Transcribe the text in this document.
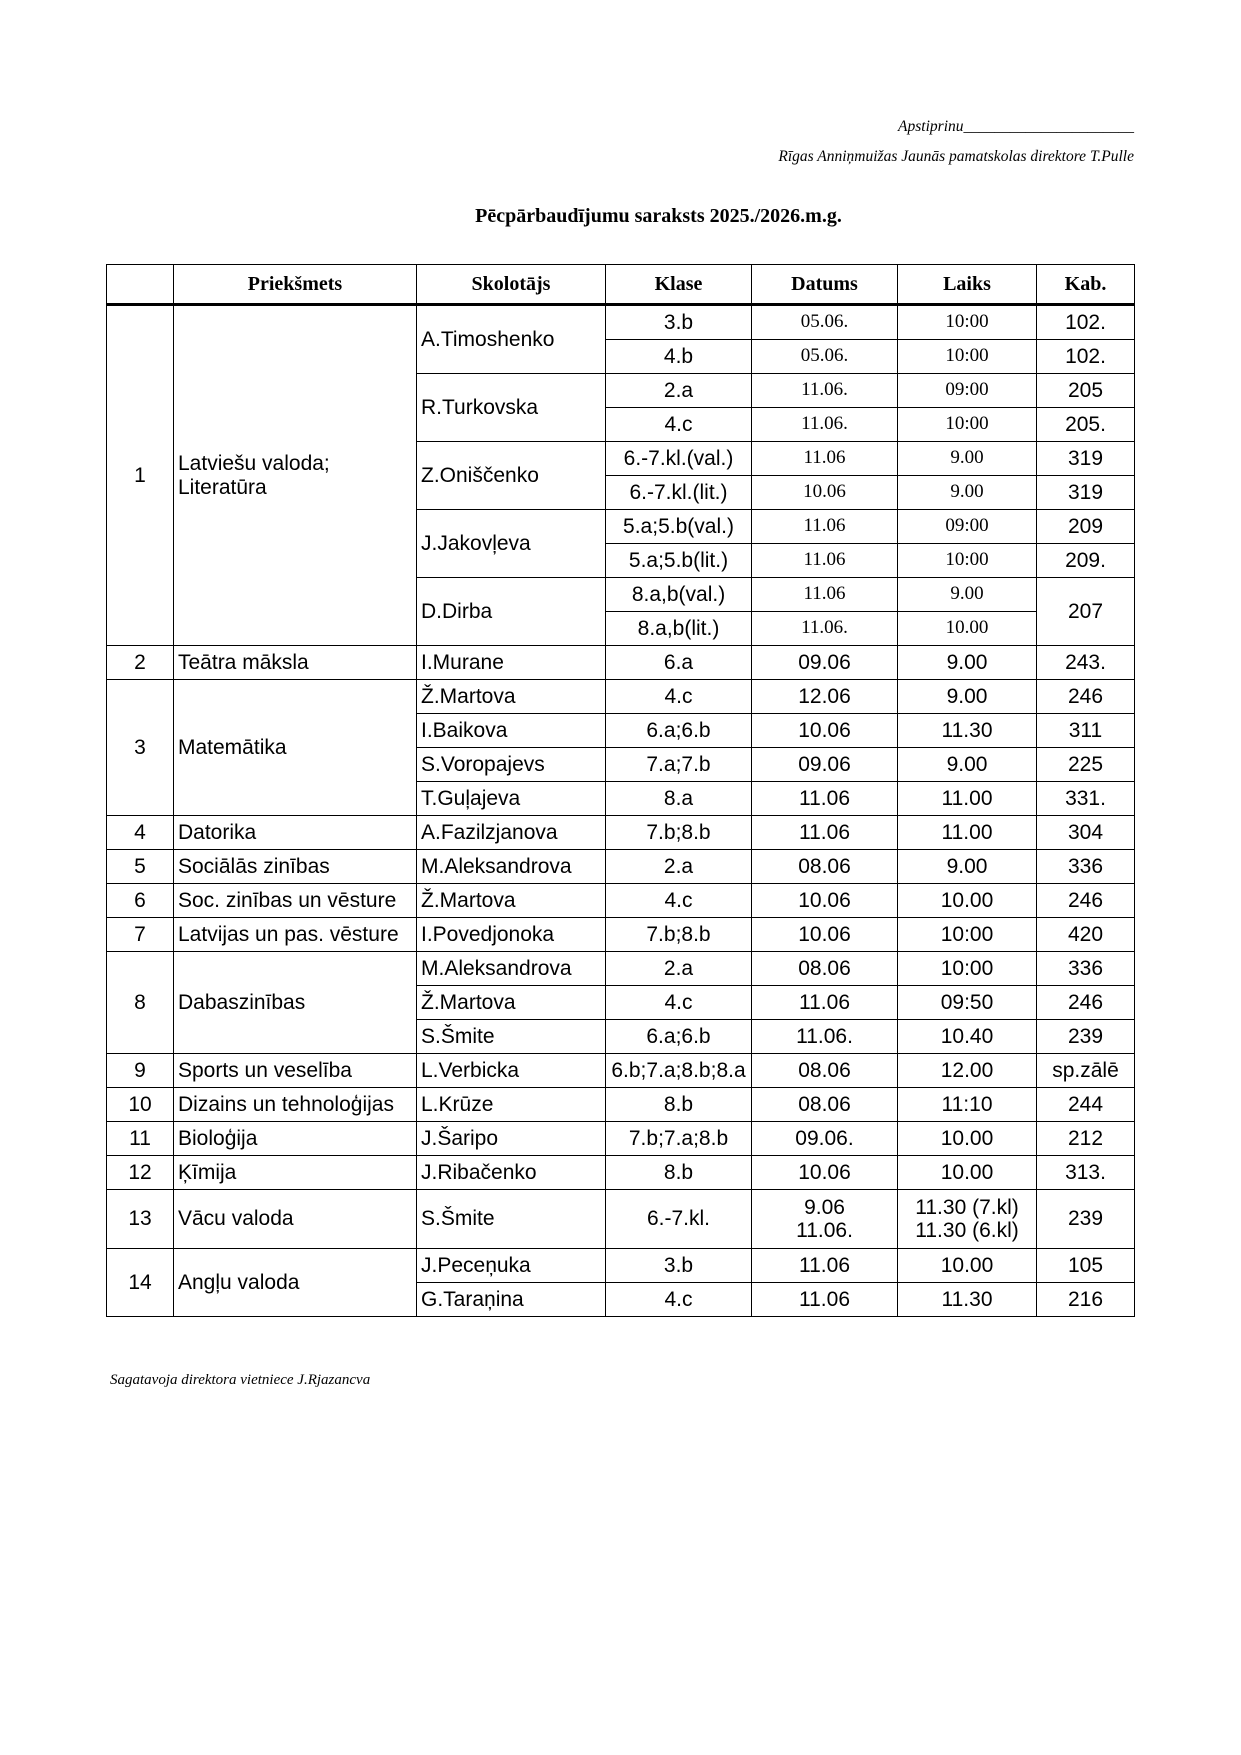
Apstiprinu______________________
Rīgas Anniņmuižas Jaunās pamatskolas direktore T.Pulle
Pēcpārbaudījumu saraksts 2025./2026.m.g.
	Priekšmets	Skolotājs	Klase	Datums	Laiks	Kab.
1	Latviešu valoda; Literatūra	A.Timoshenko	3.b	05.06.	10:00	102.
			4.b	05.06.	10:00	102.
		R.Turkovska	2.a	11.06.	09:00	205
			4.c	11.06.	10:00	205.
		Z.Oniščenko	6.-7.kl.(val.)	11.06	9.00	319
			6.-7.kl.(lit.)	10.06	9.00	319
		J.Jakovļeva	5.a;5.b(val.)	11.06	09:00	209
			5.a;5.b(lit.)	11.06	10:00	209.
		D.Dirba	8.a,b(val.)	11.06	9.00	207
			8.a,b(lit.)	11.06.	10.00	
2	Teātra māksla	I.Murane	6.a	09.06	9.00	243.
3	Matemātika	Ž.Martova	4.c	12.06	9.00	246
		I.Baikova	6.a;6.b	10.06	11.30	311
		S.Voropajevs	7.a;7.b	09.06	9.00	225
		T.Guļajeva	8.a	11.06	11.00	331.
4	Datorika	A.Fazilzjanova	7.b;8.b	11.06	11.00	304
5	Sociālās zinības	M.Aleksandrova	2.a	08.06	9.00	336
6	Soc. zinības un vēsture	Ž.Martova	4.c	10.06	10.00	246
7	Latvijas un pas. vēsture	I.Povedjonoka	7.b;8.b	10.06	10:00	420
8	Dabaszinības	M.Aleksandrova	2.a	08.06	10:00	336
		Ž.Martova	4.c	11.06	09:50	246
		S.Šmite	6.a;6.b	11.06.	10.40	239
9	Sports un veselība	L.Verbicka	6.b;7.a;8.b;8.a	08.06	12.00	sp.zālē
10	Dizains un tehnoloģijas	L.Krūze	8.b	08.06	11:10	244
11	Bioloģija	J.Šaripo	7.b;7.a;8.b	09.06.	10.00	212
12	Ķīmija	J.Ribačenko	8.b	10.06	10.00	313.
13	Vācu valoda	S.Šmite	6.-7.kl.	9.06 11.06.	11.30 (7.kl) 11.30 (6.kl)	239
14	Angļu valoda	J.Peceņuka	3.b	11.06	10.00	105
		G.Taraņina	4.c	11.06	11.30	216
Sagatavoja direktora vietniece J.Rjazancva
